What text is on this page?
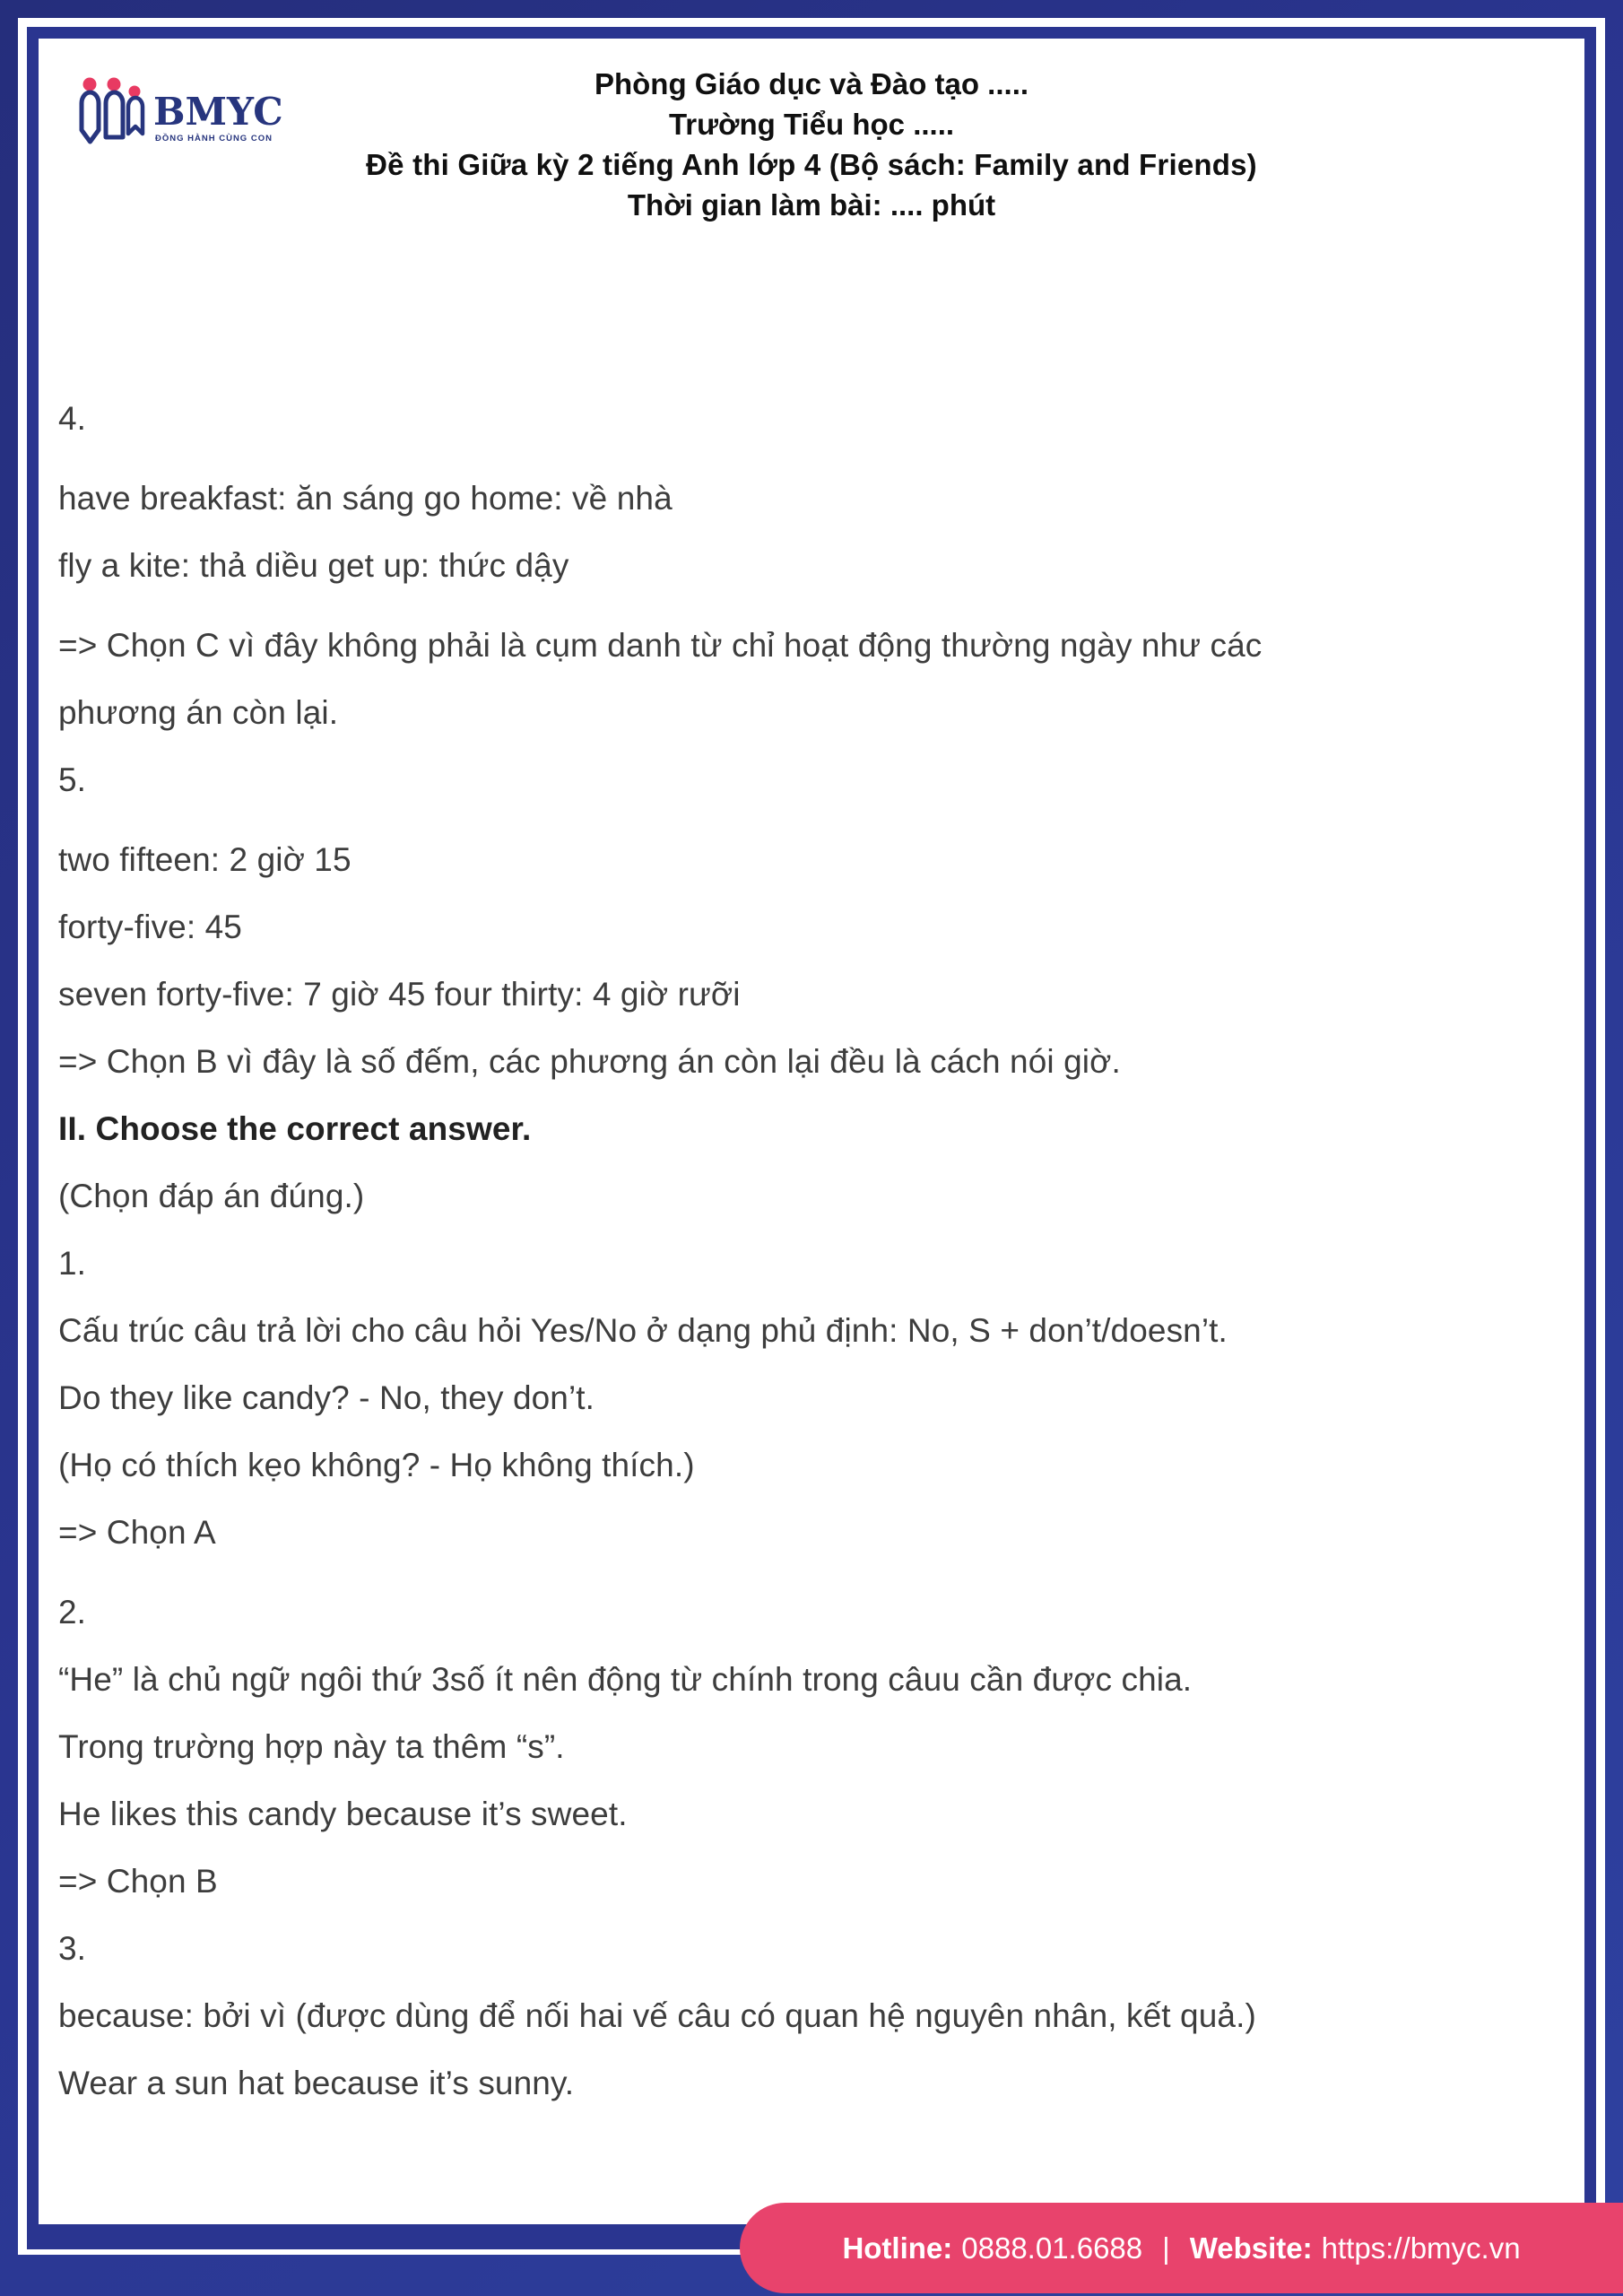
BMYC
ĐỒNG HÀNH CÙNG CON

Phòng Giáo dục và Đào tạo .....

Trường Tiểu học .....

Đề thi Giữa kỳ 2 tiếng Anh lớp 4 (Bộ sách: Family and Friends)

Thời gian làm bài: .... phút

4.

have breakfast: ăn sáng go home: về nhà

fly a kite: thả diều get up: thức dậy

=> Chọn C vì đây không phải là cụm danh từ chỉ hoạt động thường ngày như các

phương án còn lại.

5.

two fifteen: 2 giờ 15

forty-five: 45

seven forty-five: 7 giờ 45 four thirty: 4 giờ rưỡi

=> Chọn B vì đây là số đếm, các phương án còn lại đều là cách nói giờ.

II. Choose the correct answer.

(Chọn đáp án đúng.)

1.

Cấu trúc câu trả lời cho câu hỏi Yes/No ở dạng phủ định: No, S + don’t/doesn’t.

Do they like candy? - No, they don’t.

(Họ có thích kẹo không? - Họ không thích.)

=> Chọn A

2.

“He” là chủ ngữ ngôi thứ 3số ít nên động từ chính trong câuu cần được chia.

Trong trường hợp này ta thêm “s”.

He likes this candy because it’s sweet.

=> Chọn B

3.

because: bởi vì (được dùng để nối hai vế câu có quan hệ nguyên nhân, kết quả.)

Wear a sun hat because it’s sunny.

Hotline: 0888.01.6688 | Website: https://bmyc.vn
